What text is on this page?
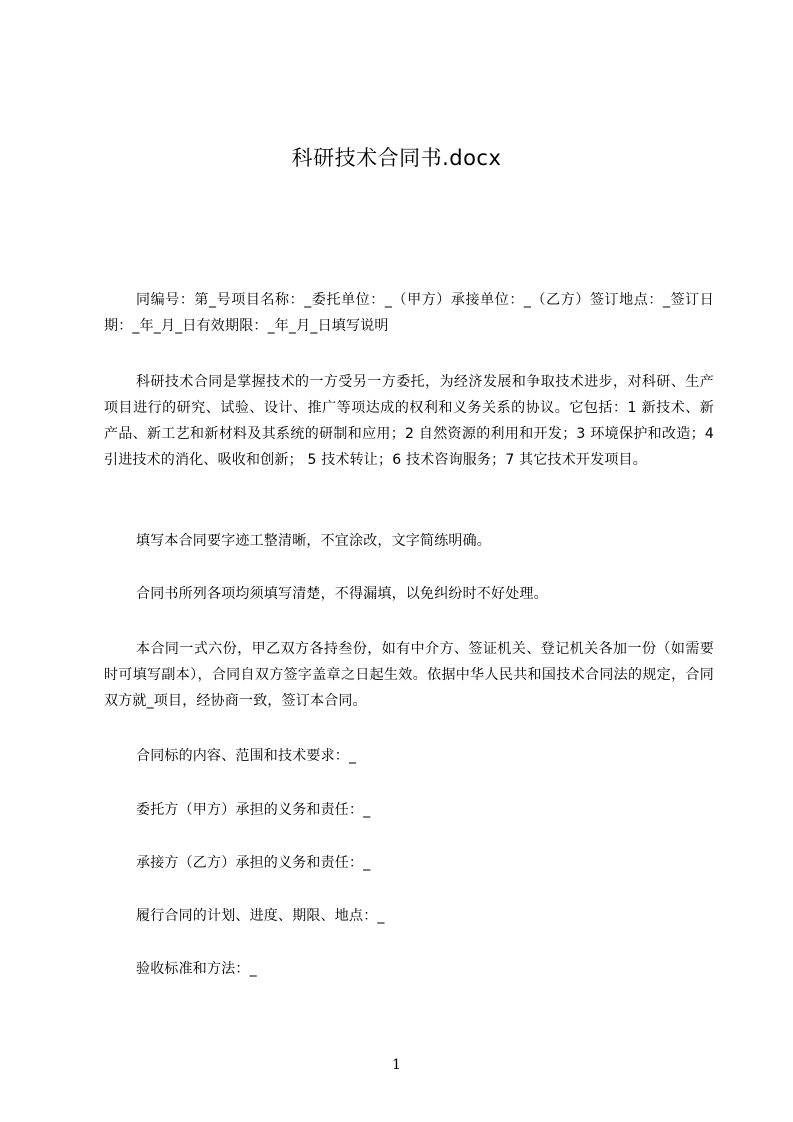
科研技术合同书.docx

同编号：第_号项目名称：_委托单位：_（甲方）承接单位：_（乙方）签订地点：_签订日期：_年_月_日有效期限：_年_月_日填写说明

科研技术合同是掌握技术的一方受另一方委托，为经济发展和争取技术进步，对科研、生产项目进行的研究、试验、设计、推广等项达成的权利和义务关系的协议。它包括：1 新技术、新产品、新工艺和新材料及其系统的研制和应用；2 自然资源的利用和开发；3 环境保护和改造；4 引进技术的消化、吸收和创新； 5 技术转让；6 技术咨询服务；7 其它技术开发项目。

填写本合同要字迹工整清晰，不宜涂改，文字简练明确。

合同书所列各项均须填写清楚，不得漏填，以免纠纷时不好处理。

本合同一式六份，甲乙双方各持叁份，如有中介方、签证机关、登记机关各加一份（如需要时可填写副本），合同自双方签字盖章之日起生效。依据中华人民共和国技术合同法的规定，合同双方就_项目，经协商一致，签订本合同。

合同标的内容、范围和技术要求：_

委托方（甲方）承担的义务和责任：_

承接方（乙方）承担的义务和责任：_

履行合同的计划、进度、期限、地点：_

验收标准和方法：_

1
